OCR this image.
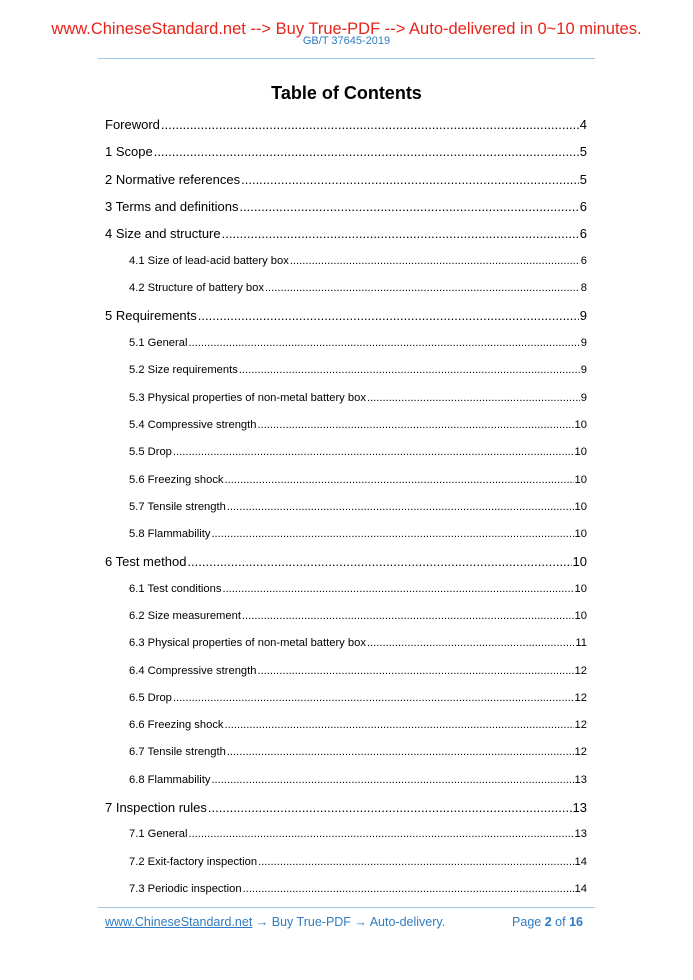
www.ChineseStandard.net --> Buy True-PDF --> Auto-delivered in 0~10 minutes.
GB/T 37645-2019
Table of Contents
Foreword .....	4
1 Scope .....	5
2 Normative references .....	5
3 Terms and definitions .....	6
4 Size and structure .....	6
4.1 Size of lead-acid battery box .....	6
4.2 Structure of battery box .....	8
5 Requirements .....	9
5.1 General .....	9
5.2 Size requirements .....	9
5.3 Physical properties of non-metal battery box .....	9
5.4 Compressive strength .....	10
5.5 Drop .....	10
5.6 Freezing shock .....	10
5.7 Tensile strength .....	10
5.8 Flammability .....	10
6 Test method .....	10
6.1 Test conditions .....	10
6.2 Size measurement .....	10
6.3 Physical properties of non-metal battery box .....	11
6.4 Compressive strength .....	12
6.5 Drop .....	12
6.6 Freezing shock .....	12
6.7 Tensile strength .....	12
6.8 Flammability .....	13
7 Inspection rules .....	13
7.1 General .....	13
7.2 Exit-factory inspection .....	14
7.3 Periodic inspection .....	14
www.ChineseStandard.net → Buy True-PDF → Auto-delivery.	Page 2 of 16
